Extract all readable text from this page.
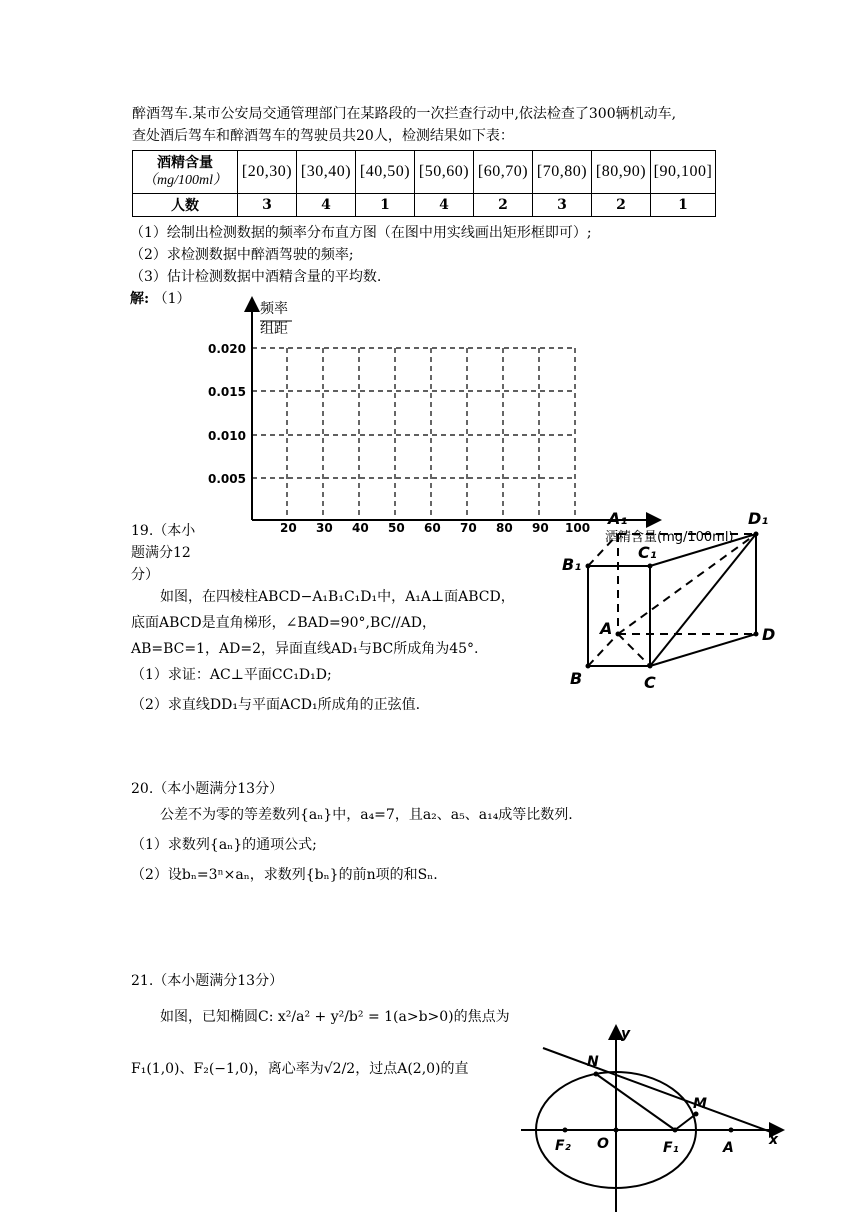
醉酒驾车.某市公安局交通管理部门在某路段的一次拦查行动中,依法检查了300辆机动车,
查处酒后驾车和醉酒驾车的驾驶员共20人，检测结果如下表：
酒精含量
（mg/100ml）	[20,30)	[30,40)	[40,50)	[50,60)	[60,70)	[70,80)	[80,90)	[90,100]
人数	3	4	1	4	2	3	2	1
（1）绘制出检测数据的频率分布直方图（在图中用实线画出矩形框即可）;
（2）求检测数据中醉酒驾驶的频率;
（3）估计检测数据中酒精含量的平均数.
解: （1）
频率
组距
0.020
0.015
0.010
0.005
20 30 40 50 60 70 80 90 100
酒精含量(mg/100ml)
A₁	D₁
B₁
C₁
A	D
B	C
19.（本小
题满分12
分）
如图，在四棱柱ABCD−A₁B₁C₁D₁中，A₁A⊥面ABCD，
底面ABCD是直角梯形，∠BAD=90°,BC//AD，
AB=BC=1，AD=2，异面直线AD₁与BC所成角为45°.
（1）求证：AC⊥平面CC₁D₁D;
（2）求直线DD₁与平面ACD₁所成角的正弦值.
20.（本小题满分13分）
公差不为零的等差数列{aₙ}中，a₄=7，且a₂、a₅、a₁₄成等比数列.
（1）求数列{aₙ}的通项公式;
（2）设bₙ=3ⁿ×aₙ，求数列{bₙ}的前n项的和Sₙ.
21.（本小题满分13分）
如图，已知椭圆C: x²/a² + y²/b² = 1(a>b>0)的焦点为
F₁(1,0)、F₂(−1,0)，离心率为√2/2，过点A(2,0)的直	N
M
y
x
F₂ O	F₁	A
